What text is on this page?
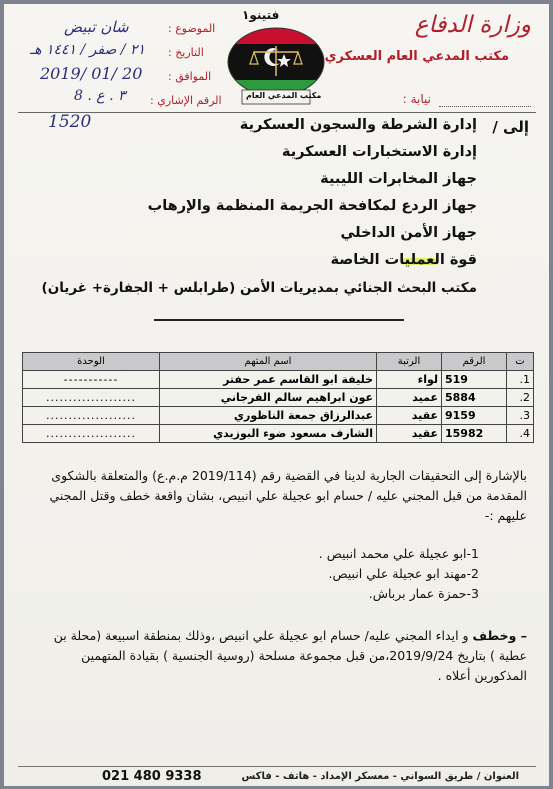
وزارة الدفاع
مكتب المدعي العام العسكري
نيابة :
فتينو١
مكتب المدعي العام
الموضوع :
شان تبيض
التاريخ :
٢١ / صفر / ١٤٤١ هـ
الموافق :
2019/ 01/ 20
الرقم الإشاري :
٣ . ع . 8
1520	إلى /
إدارة الشرطة والسجون العسكرية
إدارة الاستخبارات العسكرية
جهاز المخابرات الليبية
جهاز الردع لمكافحة الجريمة المنظمة والإرهاب
جهاز الأمن الداخلي
قوة العمليات الخاصة
مكتب البحث الجنائي بمديريات الأمن (طرابلس + الجفارة+ غريان)
ت	الرقم	الرتبة	اسم المتهم	الوحدة
1.	519	لواء	خليفة ابو القاسم عمر حفتر	-----------
2.	5884	عميد	عون ابراهيم سالم الفرجاني	....................
3.	9159	عقيد	عبدالرزاق جمعة الناظوري	....................
4.	15982	عقيد	الشارف مسعود ضوء البوزيدي	....................
بالإشارة إلى التحقيقات الجارية لدينا في القضية رقم (2019/114 م.م.ع) والمتعلقة بالشكوى المقدمة من قبل المجني عليه / حسام ابو عجيلة علي انبيص، بشان واقعة خطف وقتل المجني عليهم :-
1-ابو عجيلة علي محمد انبيص .
2-مهند ابو عجيلة علي انبيص.
3-حمزة عمار برباش.
– وخطف و ايداء المجني عليه/ حسام ابو عجيلة علي انبيص ،وذلك بمنطقة اسبيعة (محلة بن عطية ) بتاريخ 2019/9/24،من قبل مجموعة مسلحة (روسية الجنسية ) بقيادة المتهمين المذكورين أعلاه .
العنوان / طريق السواني - معسكر الإمداد - هاتف - فاكس
021 480 9338
